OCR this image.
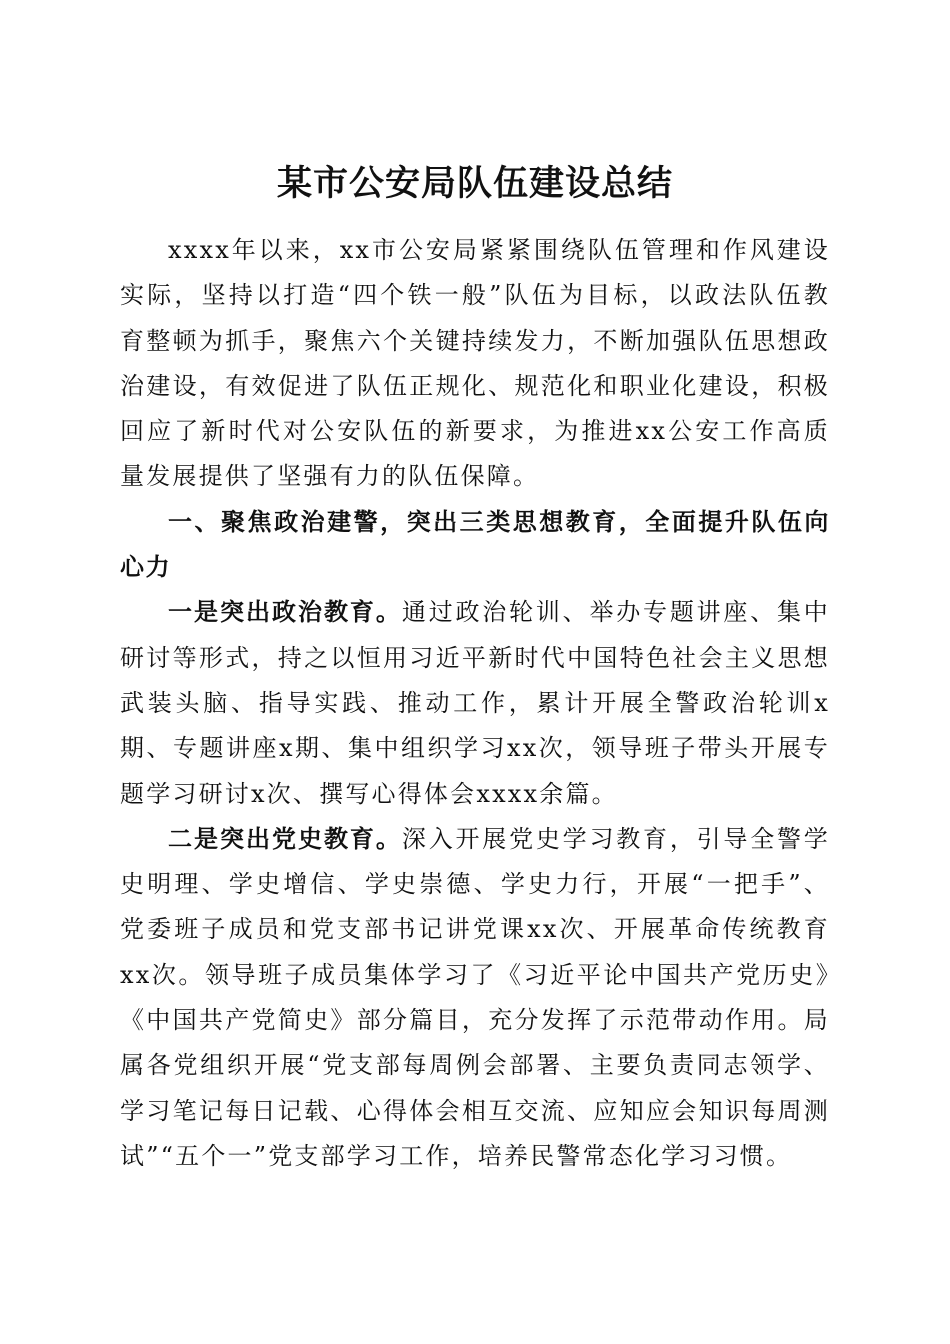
某市公安局队伍建设总结

xxxx年以来，xx市公安局紧紧围绕队伍管理和作风建设实际，坚持以打造“四个铁一般”队伍为目标，以政法队伍教育整顿为抓手，聚焦六个关键持续发力，不断加强队伍思想政治建设，有效促进了队伍正规化、规范化和职业化建设，积极回应了新时代对公安队伍的新要求，为推进xx公安工作高质量发展提供了坚强有力的队伍保障。

一、聚焦政治建警，突出三类思想教育，全面提升队伍向心力

一是突出政治教育。通过政治轮训、举办专题讲座、集中研讨等形式，持之以恒用习近平新时代中国特色社会主义思想武装头脑、指导实践、推动工作，累计开展全警政治轮训x期、专题讲座x期、集中组织学习xx次，领导班子带头开展专题学习研讨x次、撰写心得体会xxxx余篇。

二是突出党史教育。深入开展党史学习教育，引导全警学史明理、学史增信、学史崇德、学史力行，开展“一把手”、党委班子成员和党支部书记讲党课xx次、开展革命传统教育xx次。领导班子成员集体学习了《习近平论中国共产党历史》《中国共产党简史》部分篇目，充分发挥了示范带动作用。局属各党组织开展“党支部每周例会部署、主要负责同志领学、学习笔记每日记载、心得体会相互交流、应知应会知识每周测试”“五个一”党支部学习工作，培养民警常态化学习习惯。
